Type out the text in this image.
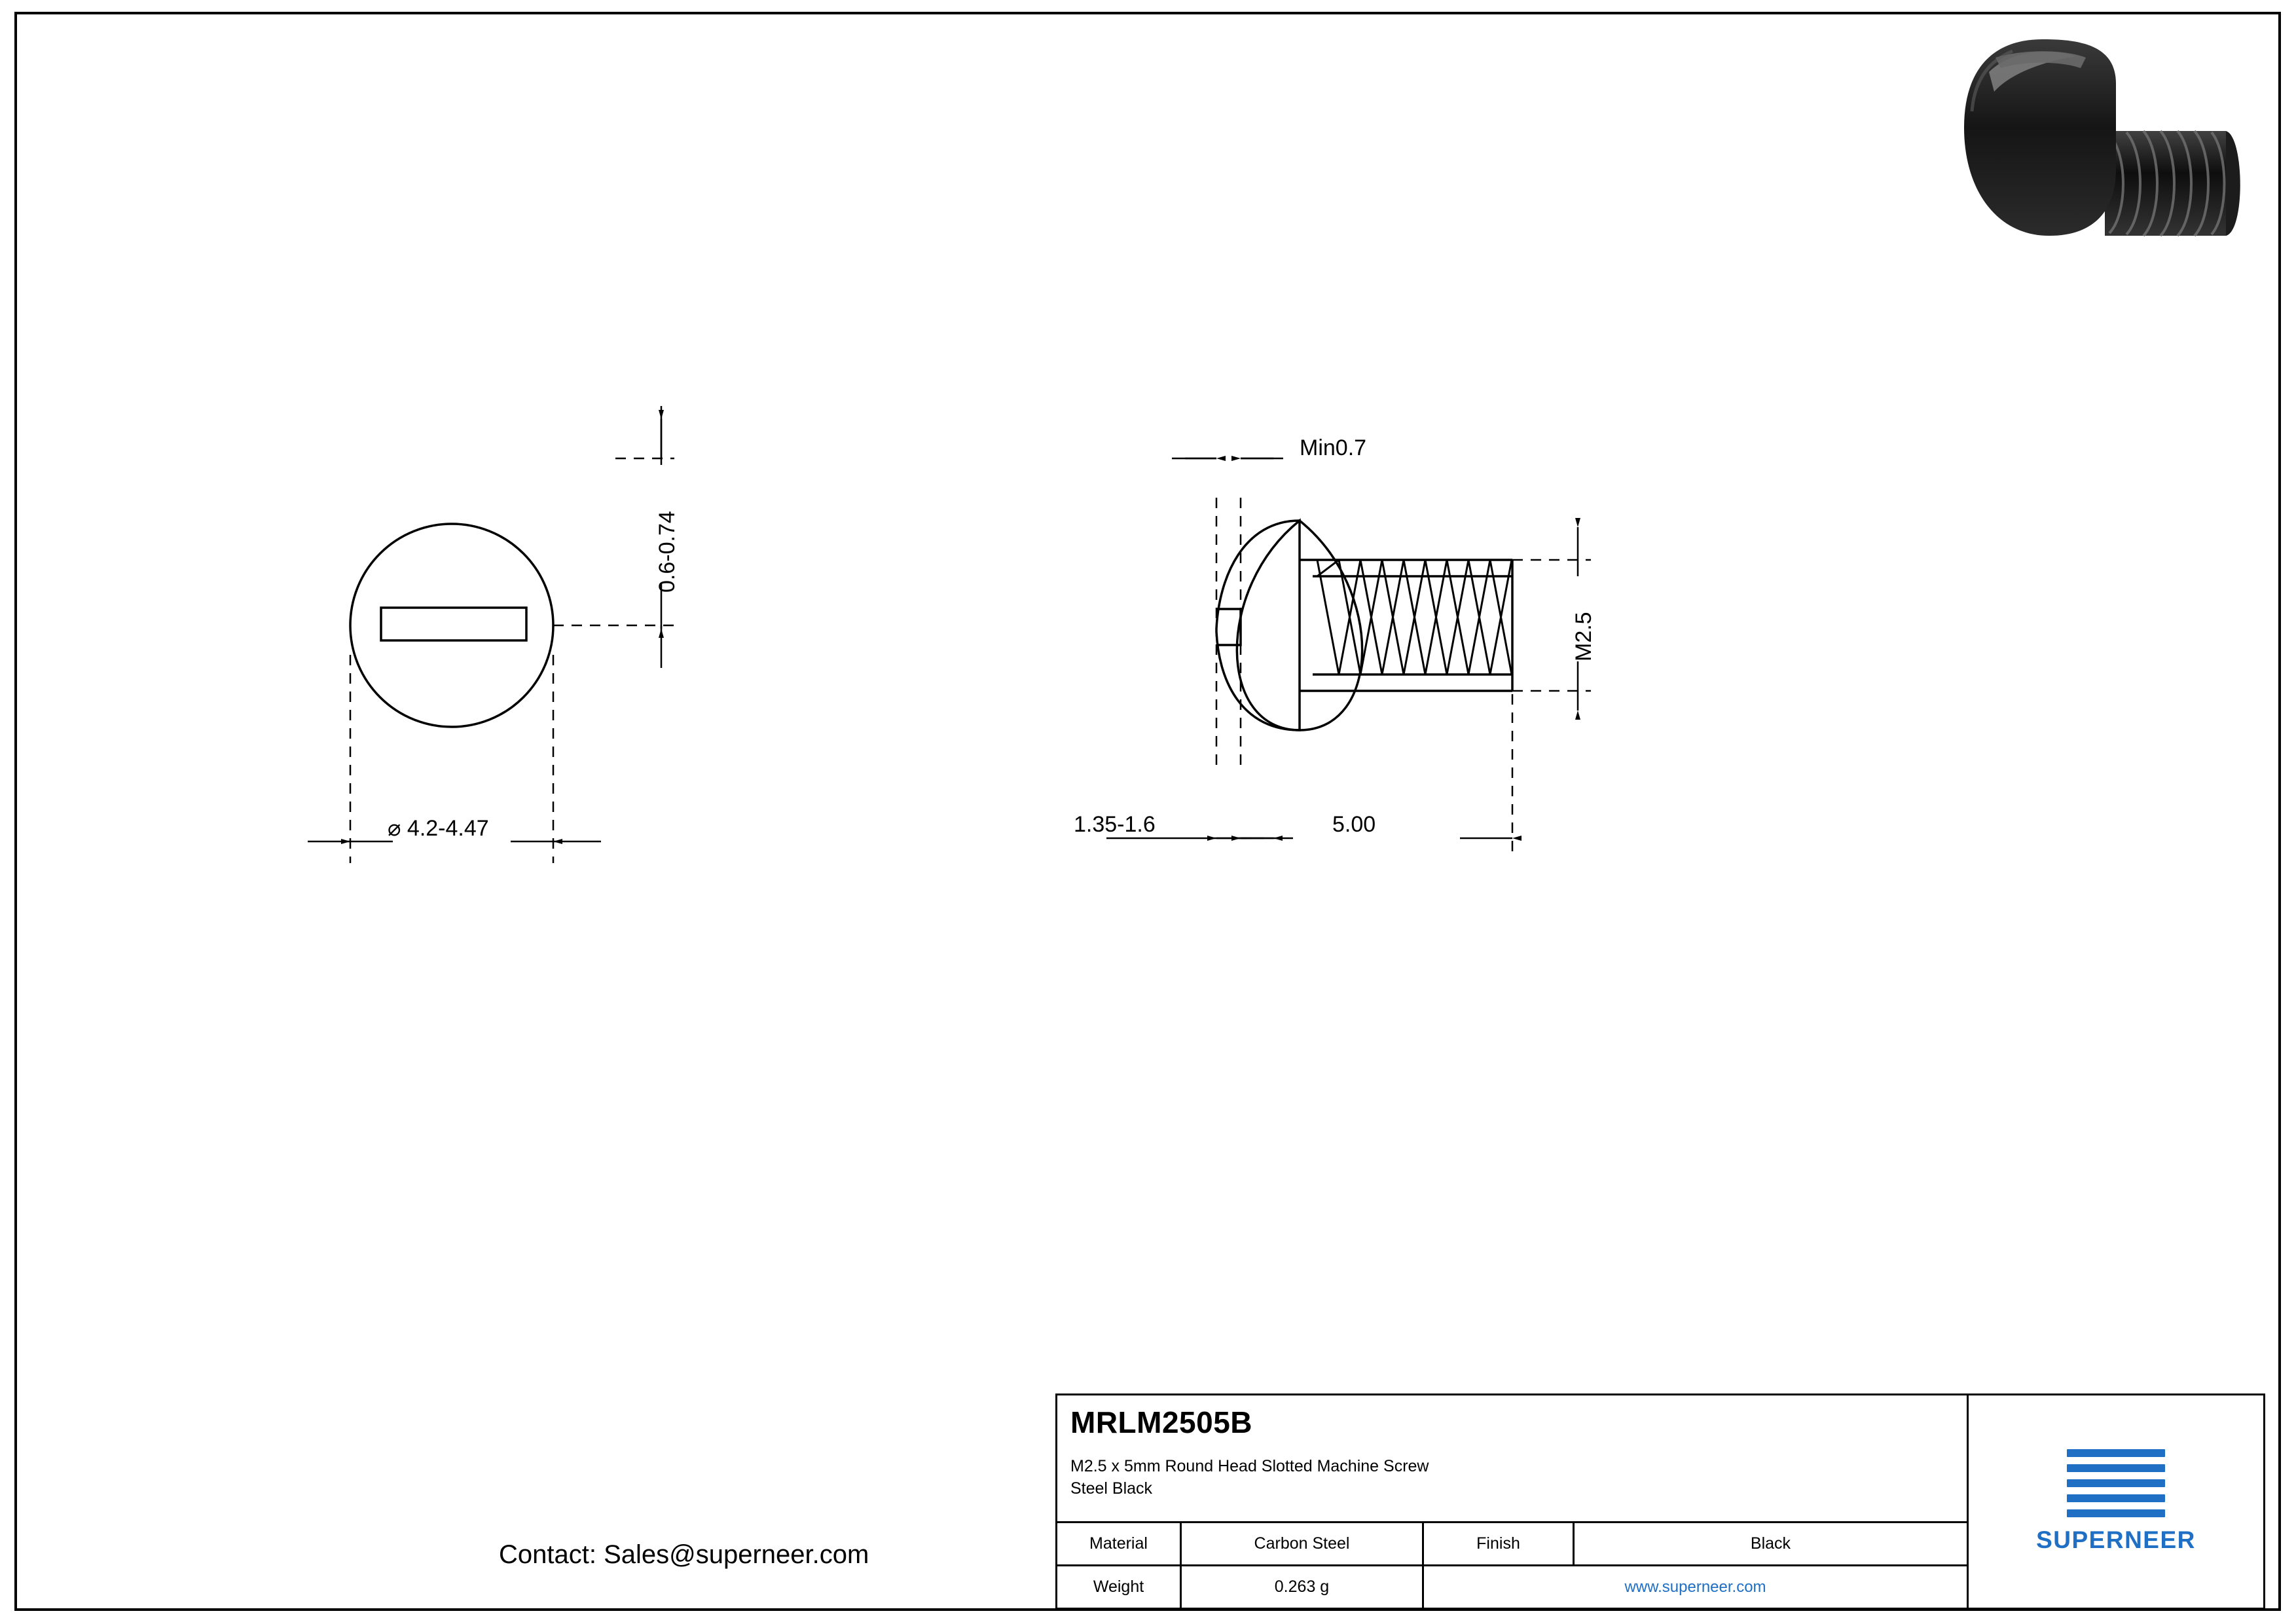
⌀ 4.2-4.47
0.6-0.74
Min0.7
1.35-1.6	5.00
M2.5
Contact: Sales@superneer.com
MRLM2505B
M2.5 x 5mm Round Head Slotted Machine Screw
Steel Black
Material	Carbon Steel	Finish	Black
Weight	0.263 g	www.superneer.com
SUPERNEER
